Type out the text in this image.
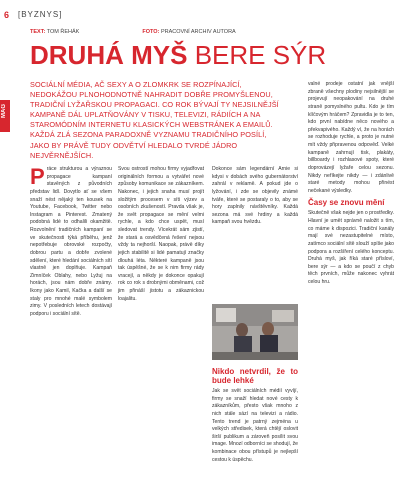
6 [BYZNYS]
TEXT: TOM ŘEHÁK	FOTO: PRACOVNÍ ARCHIV AUTORA
MAG
DRUHÁ MYŠ BERE SÝR
SOCIÁLNÍ MÉDIA, AČ SEXY A O ZLOMKRK SE ROZPÍNAJÍCÍ, NEDOKÁŽOU PLNOHODNOTNĚ NAHRADIT DOBŘE PROMYŠLENOU, TRADIČNÍ LYŽAŘSKOU PROPAGACI. CO ROK BÝVAJÍ TY NEJSILNĚJŠÍ KAMPANĚ DÁL UPLATŇOVÁNY V TISKU, TELEVIZI, RÁDIÍCH A NA STAROMÓDNÍM INTERNETU KLASICKÝCH WEBSTRÁNEK A EMAILŮ. KAŽDÁ ZLÁ SEZONA PARADOXNĚ VYZNAMU TRADIČNÍHO POSÍLÍ, JAKO BY PRÁVĚ TUDY ODVĚTVÍ HLEDALO TVRDÉ JÁDRO NEJVĚRNĚJŠÍCH.
P ráce strukturou a výraznou propagace kampaní stavěných z původních představ lidí. Dovytlo ať se všem snaží nést nějaký ten kousek na Youtube, Facebook, Twitter nebo Instagram a Pinterest. Zmatený podobná lidé to odhalili okamžitě. Rozvolnění tradičních kampaní se ve skutečnosti týká příběhu, jenž nepotřebuje obrovské rozpočty, dobrou partu a dobře zvolené sdělení, které hledání sociálních sítí vlastně jen doplňuje. Kampaň Zimníček Oblahy, nebo Lyžuj na horách, jsou nám dobře známy. Ikony jako Kamil, Kačka a další se staly pro mnohé malé symbolem zimy. V posledních letech dostávají podporu i sociální sítě.

Svou ostrostí mohou firmy vyjadřovat originálních formou a vytvářet nové způsoby komunikace se zákazníkem. Nakonec, i jejich snaha musí projít složitým procesem v síti výzev a osobních zkušeností. Pravda však je, že svět propagace se mění velmi rychle, a kdo chce uspět, musí sledovat trendy. Vícekrát sám zjistí, že stará a osvědčená řešení nejsou vždy ta nejhorší. Naopak, právě díky jejich stabilitě si lidé pamatují značky dlouhá léta. Některé kampaně jsou tak úspěšné, že se k nim firmy rády vracejí, a někdy je dokonce opakují rok co rok s drobnými obměnami, což jim přináší jistotu a zákaznickou loajalitu.

Dokonce sám legendární Arnie si kdysi v dobách svého gubernátorství zahrál v reklamě. A pokud jde o lyžování, i zde se objevily známé tváře, které se postaraly o to, aby se hory zaplnily návštěvníky. Každá sezona má své hrdiny a každá kampaň svou hvězdu.

Nikdo netvrdil, že to bude lehké

Jak se svět sociálních médií vyvíjí, firmy se snaží hledat nové cesty k zákazníkům, přesto však mnoho z nich stále sází na televizi a rádio. Tento trend je patrný zejména u velkých středisek, která chtějí oslovit širší publikum a zároveň posílit svou image. Mnozí odborníci se shodují, že kombinace obou přístupů je nejlepší cestou k úspěchu.

valné prodeje ostatní jak vnější zbraně všechny plodiny nejsilnější se projevují neopakování na druhé straně pomyslného pultu. Kdo je tím klíčovým hráčem? Zpravidla je to ten, kdo první nabídne něco nového a překvapivého. Každý ví, že na horách se rozhoduje rychle, a proto je nutné mít vždy připravenou odpověď. Velké kampaně zahrnují tisk, plakáty, billboardy i rozhlasové spoty, které doprovázejí lyžaře celou sezonu. Nikdy neříkejte nikdy — i zdánlivě staré metody mohou přinést nečekané výsledky.

Časy se znovu mění

Skutečně však nejde jen o prostředky. Hlavní je umět správně naložit s tím, co máme k dispozici. Tradiční kanály mají své nezastupitelné místo, zatímco sociální sítě slouží spíše jako podpora a rozšíření celého konceptu. Druhá myš, jak říká staré přísloví, bere sýr — a kdo se poučí z chyb těch prvních, může nakonec vyhrát celou hru.
